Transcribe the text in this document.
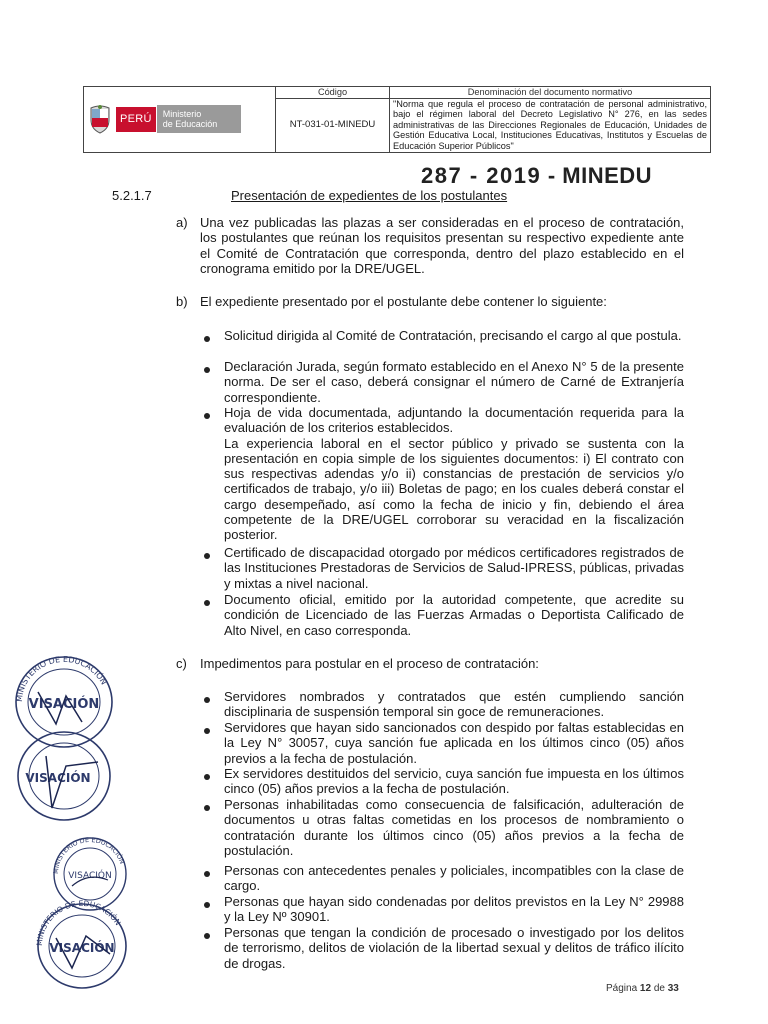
PERÚ Ministerio
de Educación	Código	Denominación del documento normativo
	NT-031-01-MINEDU	"Norma que regula el proceso de contratación de personal administrativo, bajo el régimen laboral del Decreto Legislativo N° 276, en las sedes administrativas de las Direcciones Regionales de Educación, Unidades de Gestión Educativa Local, Instituciones Educativas, Institutos y Escuelas de Educación Superior Públicos"
287 - 2019 - MINEDU
5.2.1.7	Presentación de expedientes de los postulantes
a) Una vez publicadas las plazas a ser consideradas en el proceso de contratación, los postulantes que reúnan los requisitos presentan su respectivo expediente ante el Comité de Contratación que corresponda, dentro del plazo establecido en el cronograma emitido por la DRE/UGEL.
b) El expediente presentado por el postulante debe contener lo siguiente:
Solicitud dirigida al Comité de Contratación, precisando el cargo al que postula.
Declaración Jurada, según formato establecido en el Anexo N° 5 de la presente norma. De ser el caso, deberá consignar el número de Carné de Extranjería correspondiente.
Hoja de vida documentada, adjuntando la documentación requerida para la evaluación de los criterios establecidos.
La experiencia laboral en el sector público y privado se sustenta con la presentación en copia simple de los siguientes documentos: i) El contrato con sus respectivas adendas y/o ii) constancias de prestación de servicios y/o certificados de trabajo, y/o iii) Boletas de pago; en los cuales deberá constar el cargo desempeñado, así como la fecha de inicio y fin, debiendo el área competente de la DRE/UGEL corroborar su veracidad en la fiscalización posterior.
Certificado de discapacidad otorgado por médicos certificadores registrados de las Instituciones Prestadoras de Servicios de Salud-IPRESS, públicas, privadas y mixtas a nivel nacional.
Documento oficial, emitido por la autoridad competente, que acredite su condición de Licenciado de las Fuerzas Armadas o Deportista Calificado de Alto Nivel, en caso corresponda.
c) Impedimentos para postular en el proceso de contratación:
Servidores nombrados y contratados que estén cumpliendo sanción disciplinaria de suspensión temporal sin goce de remuneraciones.
Servidores que hayan sido sancionados con despido por faltas establecidas en la Ley N° 30057, cuya sanción fue aplicada en los últimos cinco (05) años previos a la fecha de postulación.
Ex servidores destituidos del servicio, cuya sanción fue impuesta en los últimos cinco (05) años previos a la fecha de postulación.
Personas inhabilitadas como consecuencia de falsificación, adulteración de documentos u otras faltas cometidas en los procesos de nombramiento o contratación durante los últimos cinco (05) años previos a la fecha de postulación.
Personas con antecedentes penales y policiales, incompatibles con la clase de cargo.
Personas que hayan sido condenadas por delitos previstos en la Ley N° 29988 y la Ley Nº 30901.
Personas que tengan la condición de procesado o investigado por los delitos de terrorismo, delitos de violación de la libertad sexual y delitos de tráfico ilícito de drogas.
MINISTERIO DE EDUCACIÓN
VISACIÓN
VISACIÓN
MINISTERIO DE EDUCACIÓN
VISACIÓN
MINISTERIO DE EDUCACIÓN
VISACIÓN
Página 12 de 33
